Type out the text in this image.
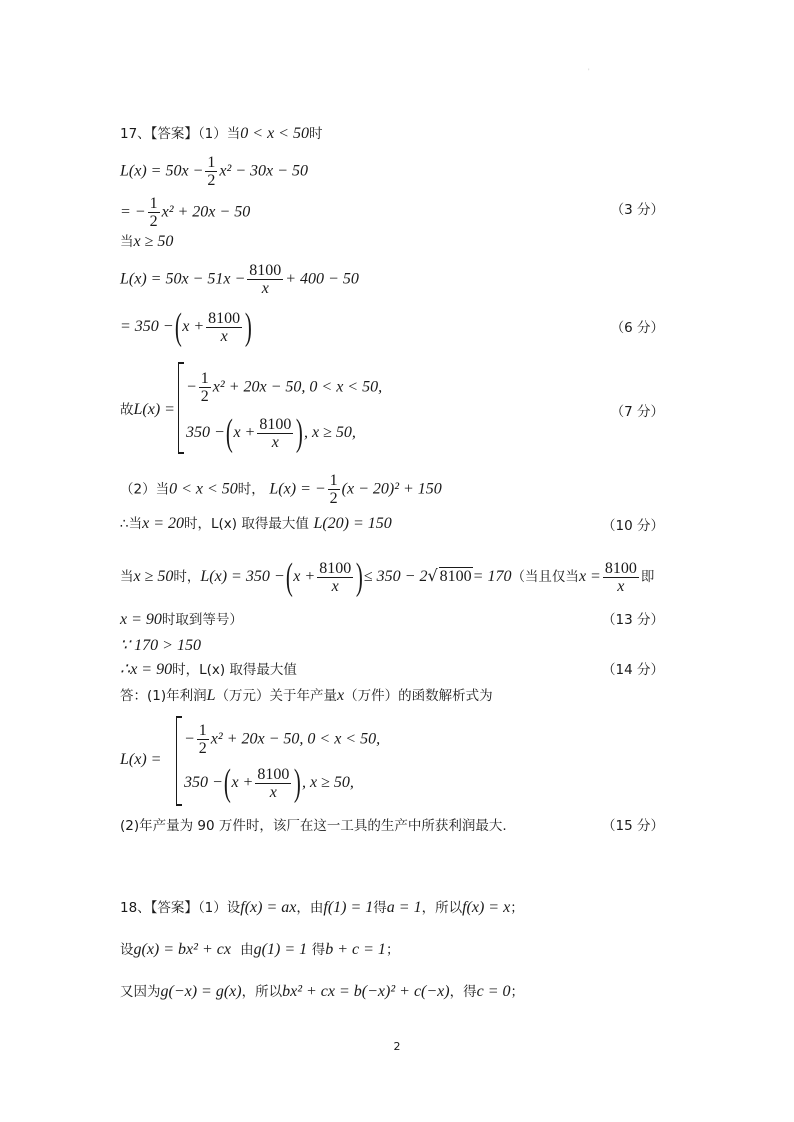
'
17、【答案】（1）当0 < x < 50时
$L(x) = 50x - \frac{1}{2} x^2 - 30x - 50$
= − $\frac{1}{2} x^2 + 20x - 50$	（3 分）
当x ≥ 50
$L(x) = 50x - 51x - \frac{8100}{x} + 400 - 50$
= $350 -(x + \frac{8100}{x}$ )	（6 分）
故L(x) =
− $\frac{1}{2} x^2 + 20x - 50$, 0 < x < 50,
$350 -(x + \frac{8100}{x}$ ), x ≥ 50,
（7 分）
（2）当0 < x < 50时， L(x) = − $\frac{1}{2} (x - 20)^2 + 150$
∴当x = 20时，L(x) 取得最大值 L(20) = 150	（10 分）
当x ≥ 50时，$L(x) = 350 -(x + \frac{8100}{x}$ )≤ 350 − 2√ 8100= 170（当且仅当$x = \frac{8100}{x}$ 即
x = 90时取到等号）	（13 分）
∵ 170 > 150
∴x = 90时，L(x) 取得最大值	（14 分）
答：(1)年利润L（万元）关于年产量x（万件）的函数解析式为
L(x) =
− $\frac{1}{2} x^2 + 20x - 50$, 0 < x < 50,
$350 -(x + \frac{8100}{x}$ ), x ≥ 50,
(2)年产量为 90 万件时，该厂在这一工具的生产中所获利润最大.	（15 分）
18、【答案】（1）设f(x) = ax，由f(1) = 1得a = 1，所以f(x) = x；
设g(x) = bx² + cx 由g(1) = 1 得b + c = 1；
又因为g(−x) = g(x)，所以bx² + cx = b(−x)² + c(−x)，得c = 0；
2
